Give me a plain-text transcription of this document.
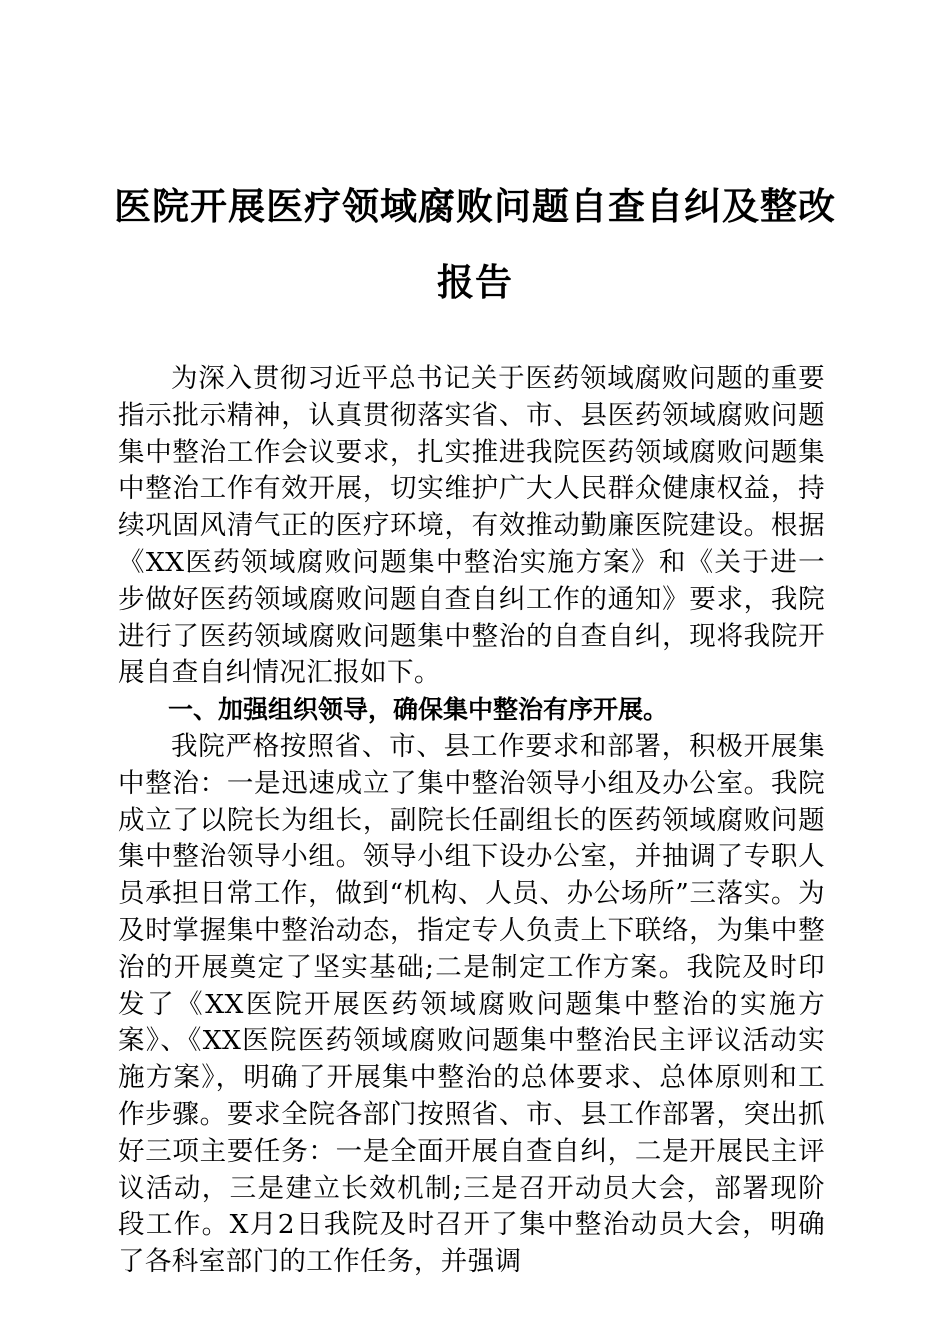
医院开展医疗领域腐败问题自查自纠及整改报告

为深入贯彻习近平总书记关于医药领域腐败问题的重要指示批示精神，认真贯彻落实省、市、县医药领域腐败问题集中整治工作会议要求，扎实推进我院医药领域腐败问题集中整治工作有效开展，切实维护广大人民群众健康权益，持续巩固风清气正的医疗环境，有效推动勤廉医院建设。根据《XX医药领域腐败问题集中整治实施方案》和《关于进一步做好医药领域腐败问题自查自纠工作的通知》要求，我院进行了医药领域腐败问题集中整治的自查自纠，现将我院开展自查自纠情况汇报如下。

一、加强组织领导，确保集中整治有序开展。

我院严格按照省、市、县工作要求和部署，积极开展集中整治：一是迅速成立了集中整治领导小组及办公室。我院成立了以院长为组长，副院长任副组长的医药领域腐败问题集中整治领导小组。领导小组下设办公室，并抽调了专职人员承担日常工作，做到“机构、人员、办公场所”三落实。为及时掌握集中整治动态，指定专人负责上下联络，为集中整治的开展奠定了坚实基础;二是制定工作方案。我院及时印发了《XX医院开展医药领域腐败问题集中整治的实施方案》、《XX医院医药领域腐败问题集中整治民主评议活动实施方案》，明确了开展集中整治的总体要求、总体原则和工作步骤。要求全院各部门按照省、市、县工作部署，突出抓好三项主要任务：一是全面开展自查自纠，二是开展民主评议活动，三是建立长效机制;三是召开动员大会，部署现阶段工作。X月2日我院及时召开了集中整治动员大会，明确了各科室部门的工作任务，并强调
